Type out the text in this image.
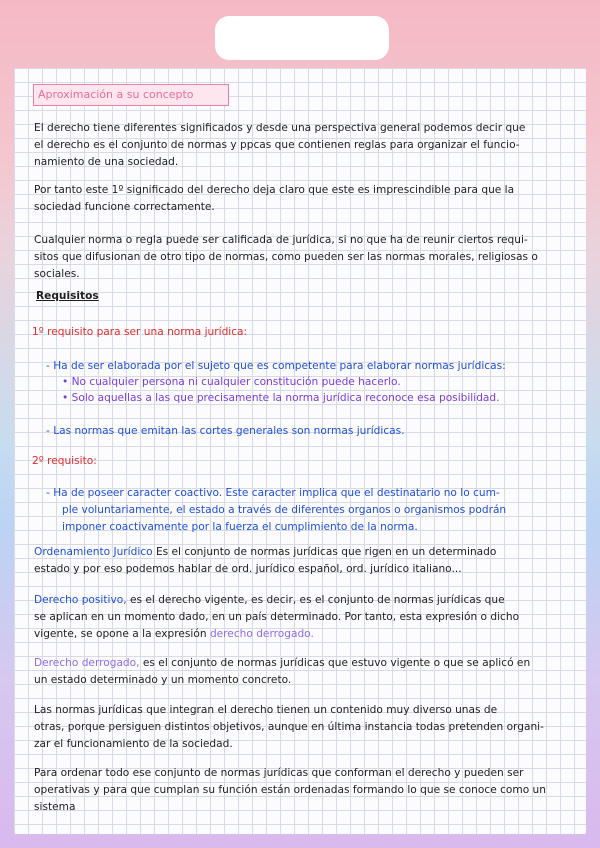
Aproximación a su concepto

El derecho tiene diferentes significados y desde una perspectiva general podemos decir que

el derecho es el conjunto de normas y ppcas que contienen reglas para organizar el funcio-

namiento de una sociedad.

Por tanto este 1º significado del derecho deja claro que este es imprescindible para que la

sociedad funcione correctamente.

Cualquier norma o regla puede ser calificada de jurídica, si no que ha de reunir ciertos requi-

sitos que difusionan de otro tipo de normas, como pueden ser las normas morales, religiosas o

sociales.

Requisitos

1º requisito para ser una norma jurídica:

- Ha de ser elaborada por el sujeto que es competente para elaborar normas jurídicas:

• No cualquier persona ni cualquier constitución puede hacerlo.

• Solo aquellas a las que precisamente la norma jurídica reconoce esa posibilidad.

- Las normas que emitan las cortes generales son normas jurídicas.

2º requisito:

- Ha de poseer caracter coactivo. Este caracter implica que el destinatario no lo cum-

ple voluntariamente, el estado a través de diferentes organos o organismos podrán

imponer coactivamente por la fuerza el cumplimiento de la norma.

Ordenamiento Jurídico Es el conjunto de normas jurídicas que rigen en un determinado

estado y por eso podemos hablar de ord. jurídico español, ord. jurídico italiano...

Derecho positivo, es el derecho vigente, es decir, es el conjunto de normas jurídicas que

se aplican en un momento dado, en un país determinado. Por tanto, esta expresión o dicho

vigente, se opone a la expresión derecho derrogado.

Derecho derrogado, es el conjunto de normas jurídicas que estuvo vigente o que se aplicó en

un estado determinado y un momento concreto.

Las normas jurídicas que integran el derecho tienen un contenido muy diverso unas de

otras, porque persiguen distintos objetivos, aunque en última instancia todas pretenden organi-

zar el funcionamiento de la sociedad.

Para ordenar todo ese conjunto de normas jurídicas que conforman el derecho y pueden ser

operativas y para que cumplan su función están ordenadas formando lo que se conoce como un sistema
